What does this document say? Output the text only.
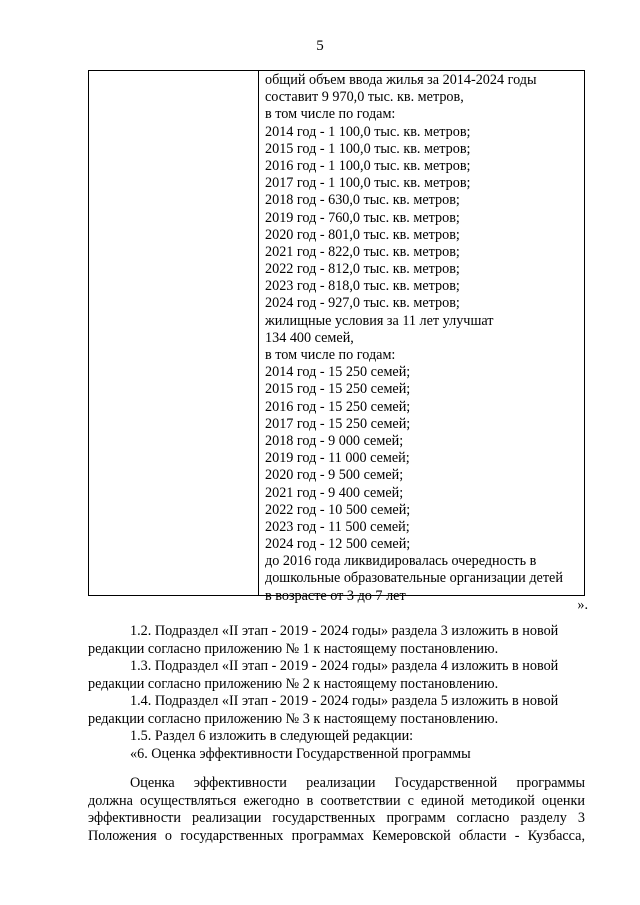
5
общий объем ввода жилья за 2014-2024 годы
составит 9 970,0 тыс. кв. метров,
в том числе по годам:
2014 год - 1 100,0 тыс. кв. метров;
2015 год - 1 100,0 тыс. кв. метров;
2016 год - 1 100,0 тыс. кв. метров;
2017 год - 1 100,0 тыс. кв. метров;
2018 год - 630,0 тыс. кв. метров;
2019 год - 760,0 тыс. кв. метров;
2020 год - 801,0 тыс. кв. метров;
2021 год - 822,0 тыс. кв. метров;
2022 год - 812,0 тыс. кв. метров;
2023 год - 818,0 тыс. кв. метров;
2024 год - 927,0 тыс. кв. метров;
жилищные условия за 11 лет улучшат
134 400 семей,
в том числе по годам:
2014 год - 15 250 семей;
2015 год - 15 250 семей;
2016 год - 15 250 семей;
2017 год - 15 250 семей;
2018 год - 9 000 семей;
2019 год - 11 000 семей;
2020 год - 9 500 семей;
2021 год - 9 400 семей;
2022 год - 10 500 семей;
2023 год - 11 500 семей;
2024 год - 12 500 семей;
до 2016 года ликвидировалась очередность в
дошкольные образовательные организации детей
в возрасте от 3 до 7 лет
».
1.2. Подраздел «II этап - 2019 - 2024 годы» раздела 3 изложить в новой
редакции согласно приложению № 1 к настоящему постановлению.
1.3. Подраздел «II этап - 2019 - 2024 годы» раздела 4 изложить в новой
редакции согласно приложению № 2 к настоящему постановлению.
1.4. Подраздел «II этап - 2019 - 2024 годы» раздела 5 изложить в новой
редакции согласно приложению № 3 к настоящему постановлению.
1.5. Раздел 6 изложить в следующей редакции:
«6. Оценка эффективности Государственной программы
Оценка эффективности реализации Государственной программы
должна осуществляться ежегодно в соответствии с единой методикой оценки
эффективности реализации государственных программ согласно разделу 3
Положения о государственных программах Кемеровской области - Кузбасса,
